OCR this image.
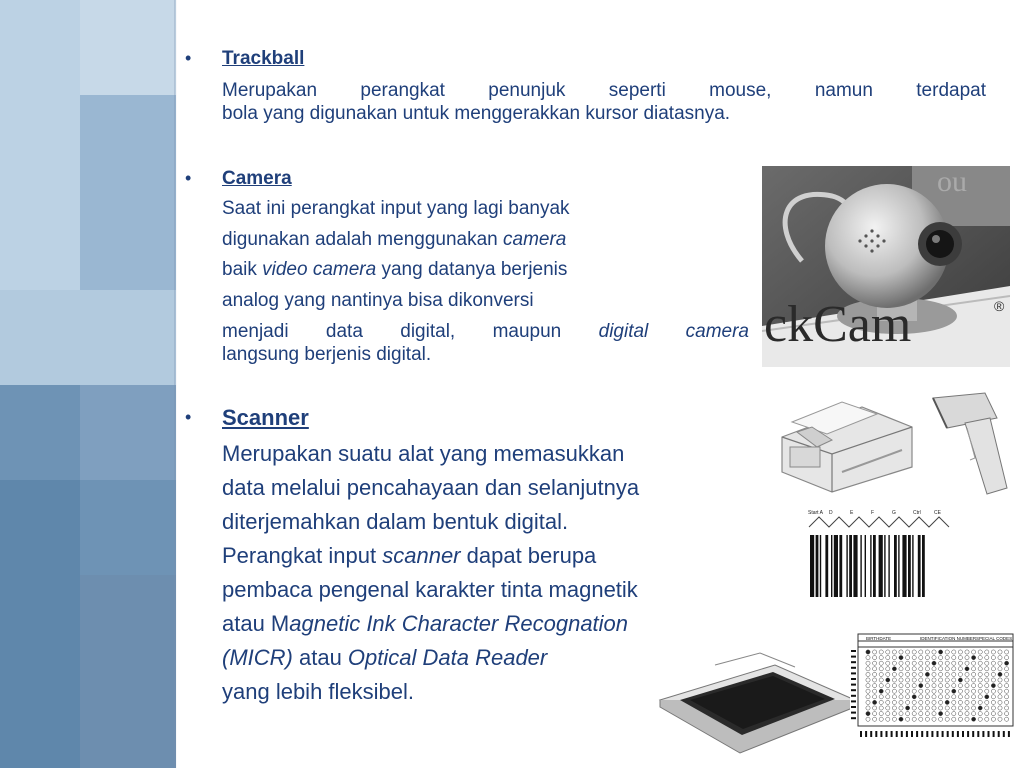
• Trackball
Merupakan perangkat penunjuk seperti mouse, namun terdapat
bola yang digunakan untuk menggerakkan kursor diatasnya.
• Camera
Saat ini perangkat input yang lagi banyak
digunakan adalah menggunakan camera
baik video camera yang datanya berjenis
analog yang nantinya bisa dikonversi
menjadi data digital, maupun digital camera
langsung berjenis digital.
• Scanner
Merupakan suatu alat yang memasukkan
data melalui pencahayaan dan selanjutnya
diterjemahkan dalam bentuk digital.
Perangkat input scanner dapat berupa
pembaca pengenal karakter tinta magnetik
atau Magnetic Ink Character Recognation
(MICR) atau Optical Data Reader
yang lebih fleksibel.
ou
ckCam	®
Start A D	E	F	G	Ctrl	CE
BIRTHDATE	IDENTIFICATION NUMBER SPECIAL CODES
